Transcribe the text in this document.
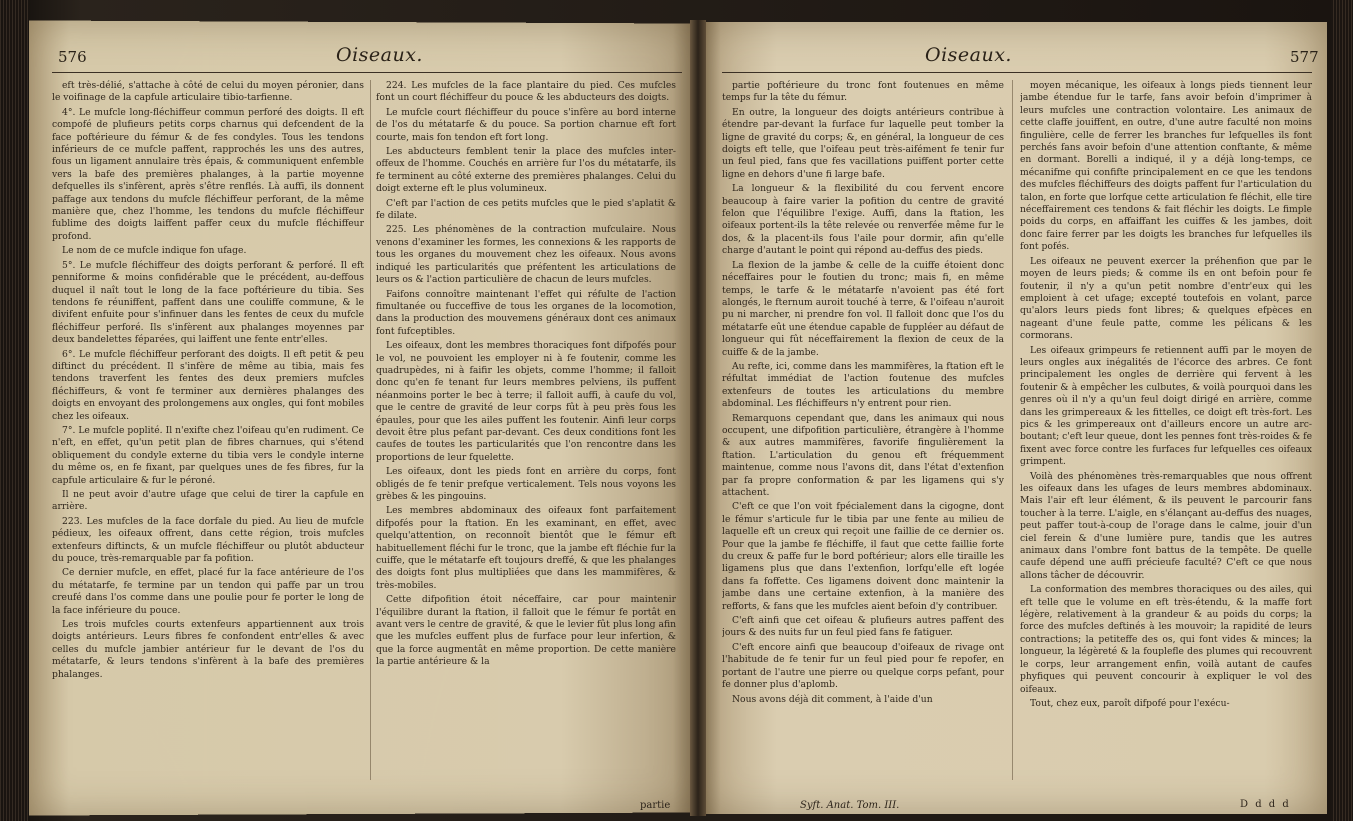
576	Oiseaux.	Oiseaux.	577

eft très-délié, s'attache à côté de celui du moyen péronier, dans le voifinage de la capfule articulaire tibio-tarfienne.

4°. Le mufcle long-fléchiffeur commun perforé des doigts. Il eft compofé de plufieurs petits corps charnus qui defcendent de la face poftérieure du fémur & de fes condyles. Tous les tendons inférieurs de ce mufcle paffent, rapprochés les uns des autres, fous un ligament annulaire très épais, & communiquent enfemble vers la bafe des premières phalanges, à la partie moyenne defquelles ils s'infèrent, après s'être renflés. Là auffi, ils donnent paffage aux tendons du mufcle fléchiffeur perforant, de la même manière que, chez l'homme, les tendons du mufcle fléchiffeur fublime des doigts laiffent paffer ceux du mufcle fléchiffeur profond.

Le nom de ce mufcle indique fon ufage.

5°. Le mufcle fléchiffeur des doigts perforant & perforé. Il eft penniforme & moins confidérable que le précédent, au-deffous duquel il naît tout le long de la face poftérieure du tibia. Ses tendons fe réuniffent, paffent dans une couliffe commune, & le divifent enfuite pour s'infinuer dans les fentes de ceux du mufcle fléchiffeur perforé. Ils s'infèrent aux phalanges moyennes par deux bandelettes féparées, qui laiffent une fente entr'elles.

6°. Le mufcle fléchiffeur perforant des doigts. Il eft petit & peu diftinct du précédent. Il s'infère de même au tibia, mais fes tendons traverfent les fentes des deux premiers mufcles fléchiffeurs, & vont fe terminer aux dernières phalanges des doigts en envoyant des prolongemens aux ongles, qui font mobiles chez les oifeaux.

7°. Le mufcle poplité. Il n'exifte chez l'oifeau qu'en rudiment. Ce n'eft, en effet, qu'un petit plan de fibres charnues, qui s'étend obliquement du condyle externe du tibia vers le condyle interne du même os, en fe fixant, par quelques unes de fes fibres, fur la capfule articulaire & fur le péroné.

Il ne peut avoir d'autre ufage que celui de tirer la capfule en arrière.

223. Les mufcles de la face dorfale du pied. Au lieu de mufcle pédieux, les oifeaux offrent, dans cette région, trois mufcles extenfeurs diftincts, & un mufcle fléchiffeur ou plutôt abducteur du pouce, très-remarquable par fa pofition.

Ce dernier mufcle, en effet, placé fur la face antérieure de l'os du métatarfe, fe termine par un tendon qui paffe par un trou creufé dans l'os comme dans une poulie pour fe porter le long de la face inférieure du pouce.

Les trois mufcles courts extenfeurs appartiennent aux trois doigts antérieurs. Leurs fibres fe confondent entr'elles & avec celles du mufcle jambier antérieur fur le devant de l'os du métatarfe, & leurs tendons s'infèrent à la bafe des premières phalanges.

224. Les mufcles de la face plantaire du pied. Ces mufcles font un court fléchiffeur du pouce & les abducteurs des doigts.

Le mufcle court fléchiffeur du pouce s'infère au bord interne de l'os du métatarfe & du pouce. Sa portion charnue eft fort courte, mais fon tendon eft fort long.

Les abducteurs femblent tenir la place des mufcles inter-offeux de l'homme. Couchés en arrière fur l'os du métatarfe, ils fe terminent au côté externe des premières phalanges. Celui du doigt externe eft le plus volumineux.

C'eft par l'action de ces petits mufcles que le pied s'aplatit & fe dilate.

225. Les phénomènes de la contraction mufculaire. Nous venons d'examiner les formes, les connexions & les rapports de tous les organes du mouvement chez les oifeaux. Nous avons indiqué les particularités que préfentent les articulations de leurs os & l'action particulière de chacun de leurs mufcles.

Faifons connoître maintenant l'effet qui réfulte de l'action fimultanée ou fucceffive de tous les organes de la locomotion, dans la production des mouvemens généraux dont ces animaux font fufceptibles.

Les oifeaux, dont les membres thoraciques font difpofés pour le vol, ne pouvoient les employer ni à fe foutenir, comme les quadrupèdes, ni à faifir les objets, comme l'homme; il falloit donc qu'en fe tenant fur leurs membres pelviens, ils puffent néanmoins porter le bec à terre; il falloit auffi, à caufe du vol, que le centre de gravité de leur corps fût à peu près fous les épaules, pour que les ailes puffent les foutenir. Ainfi leur corps devoit être plus pefant par-devant. Ces deux conditions font les caufes de toutes les particularités que l'on rencontre dans les proportions de leur fquelette.

Les oifeaux, dont les pieds font en arrière du corps, font obligés de fe tenir prefque verticalement. Tels nous voyons les grèbes & les pingouins.

Les membres abdominaux des oifeaux font parfaitement difpofés pour la ftation. En les examinant, en effet, avec quelqu'attention, on reconnoît bientôt que le fémur eft habituellement fléchi fur le tronc, que la jambe eft fléchie fur la cuiffe, que le métatarfe eft toujours dreffé, & que les phalanges des doigts font plus multipliées que dans les mammifères, & très-mobiles.

Cette difpofition étoit néceffaire, car pour maintenir l'équilibre durant la ftation, il falloit que le fémur fe portât en avant vers le centre de gravité, & que le levier fût plus long afin que les mufcles euffent plus de furface pour leur infertion, & que la force augmentât en même proportion. De cette manière la partie antérieure & la

partie

partie poftérieure du tronc font foutenues en même temps fur la tête du fémur.

En outre, la longueur des doigts antérieurs contribue à étendre par-devant la furface fur laquelle peut tomber la ligne de gravité du corps; &, en général, la longueur de ces doigts eft telle, que l'oifeau peut très-aifément fe tenir fur un feul pied, fans que fes vacillations puiffent porter cette ligne en dehors d'une fi large bafe.

La longueur & la flexibilité du cou fervent encore beaucoup à faire varier la pofition du centre de gravité felon que l'équilibre l'exige. Auffi, dans la ftation, les oifeaux portent-ils la tête relevée ou renverfée même fur le dos, & la placent-ils fous l'aile pour dormir, afin qu'elle charge d'autant le point qui répond au-deffus des pieds.

La flexion de la jambe & celle de la cuiffe étoient donc néceffaires pour le foutien du tronc; mais fi, en même temps, le tarfe & le métatarfe n'avoient pas été fort alongés, le fternum auroit touché à terre, & l'oifeau n'auroit pu ni marcher, ni prendre fon vol. Il falloit donc que l'os du métatarfe eût une étendue capable de fuppléer au défaut de longueur qui fût néceffairement la flexion de ceux de la cuiffe & de la jambe.

Au refte, ici, comme dans les mammifères, la ftation eft le réfultat immédiat de l'action foutenue des mufcles extenfeurs de toutes les articulations du membre abdominal. Les fléchiffeurs n'y entrent pour rien.

Remarquons cependant que, dans les animaux qui nous occupent, une difpofition particulière, étrangère à l'homme & aux autres mammifères, favorife fingulièrement la ftation. L'articulation du genou eft fréquemment maintenue, comme nous l'avons dit, dans l'état d'extenfion par fa propre conformation & par les ligamens qui s'y attachent.

C'eft ce que l'on voit fpécialement dans la cigogne, dont le fémur s'articule fur le tibia par une fente au milieu de laquelle eft un creux qui reçoit une faillie de ce dernier os. Pour que la jambe fe fléchiffe, il faut que cette faillie forte du creux & paffe fur le bord poftérieur; alors elle tiraille les ligamens plus que dans l'extenfion, lorfqu'elle eft logée dans fa foffette. Ces ligamens doivent donc maintenir la jambe dans une certaine extenfion, à la manière des refforts, & fans que les mufcles aient befoin d'y contribuer.

C'eft ainfi que cet oifeau & plufieurs autres paffent des jours & des nuits fur un feul pied fans fe fatiguer.

C'eft encore ainfi que beaucoup d'oifeaux de rivage ont l'habitude de fe tenir fur un feul pied pour fe repofer, en portant de l'autre une pierre ou quelque corps pefant, pour fe donner plus d'aplomb.

Nous avons déjà dit comment, à l'aide d'un

moyen mécanique, les oifeaux à longs pieds tiennent leur jambe étendue fur le tarfe, fans avoir befoin d'imprimer à leurs mufcles une contraction volontaire. Les animaux de cette claffe jouiffent, en outre, d'une autre faculté non moins fingulière, celle de ferrer les branches fur lefquelles ils font perchés fans avoir befoin d'une attention conftante, & même en dormant. Borelli a indiqué, il y a déjà long-temps, ce mécanifme qui confifte principalement en ce que les tendons des mufcles fléchiffeurs des doigts paffent fur l'articulation du talon, en forte que lorfque cette articulation fe fléchit, elle tire néceffairement ces tendons & fait fléchir les doigts. Le fimple poids du corps, en affaiffant les cuiffes & les jambes, doit donc faire ferrer par les doigts les branches fur lefquelles ils font pofés.

Les oifeaux ne peuvent exercer la préhenfion que par le moyen de leurs pieds; & comme ils en ont befoin pour fe foutenir, il n'y a qu'un petit nombre d'entr'eux qui les emploient à cet ufage; excepté toutefois en volant, parce qu'alors leurs pieds font libres; & quelques efpèces en nageant d'une feule patte, comme les pélicans & les cormorans.

Les oifeaux grimpeurs fe retiennent auffi par le moyen de leurs ongles aux inégalités de l'écorce des arbres. Ce font principalement les ongles de derrière qui fervent à les foutenir & à empêcher les culbutes, & voilà pourquoi dans les genres où il n'y a qu'un feul doigt dirigé en arrière, comme dans les grimpereaux & les fittelles, ce doigt eft très-fort. Les pics & les grimpereaux ont d'ailleurs encore un autre arc-boutant; c'eft leur queue, dont les pennes font très-roides & fe fixent avec force contre les furfaces fur lefquelles ces oifeaux grimpent.

Voilà des phénomènes très-remarquables que nous offrent les oifeaux dans les ufages de leurs membres abdominaux. Mais l'air eft leur élément, & ils peuvent le parcourir fans toucher à la terre. L'aigle, en s'élançant au-deffus des nuages, peut paffer tout-à-coup de l'orage dans le calme, jouir d'un ciel ferein & d'une lumière pure, tandis que les autres animaux dans l'ombre font battus de la tempête. De quelle caufe dépend une auffi précieufe faculté? C'eft ce que nous allons tâcher de découvrir.

La conformation des membres thoraciques ou des ailes, qui eft telle que le volume en eft très-étendu, & la maffe fort légère, relativement à la grandeur & au poids du corps; la force des mufcles deftinés à les mouvoir; la rapidité de leurs contractions; la petiteffe des os, qui font vides & minces; la longueur, la légèreté & la fouplefle des plumes qui recouvrent le corps, leur arrangement enfin, voilà autant de caufes phyfiques qui peuvent concourir à expliquer le vol des oifeaux.

Tout, chez eux, paroît difpofé pour l'exécu-

Syft. Anat. Tom. III.	D d d d
